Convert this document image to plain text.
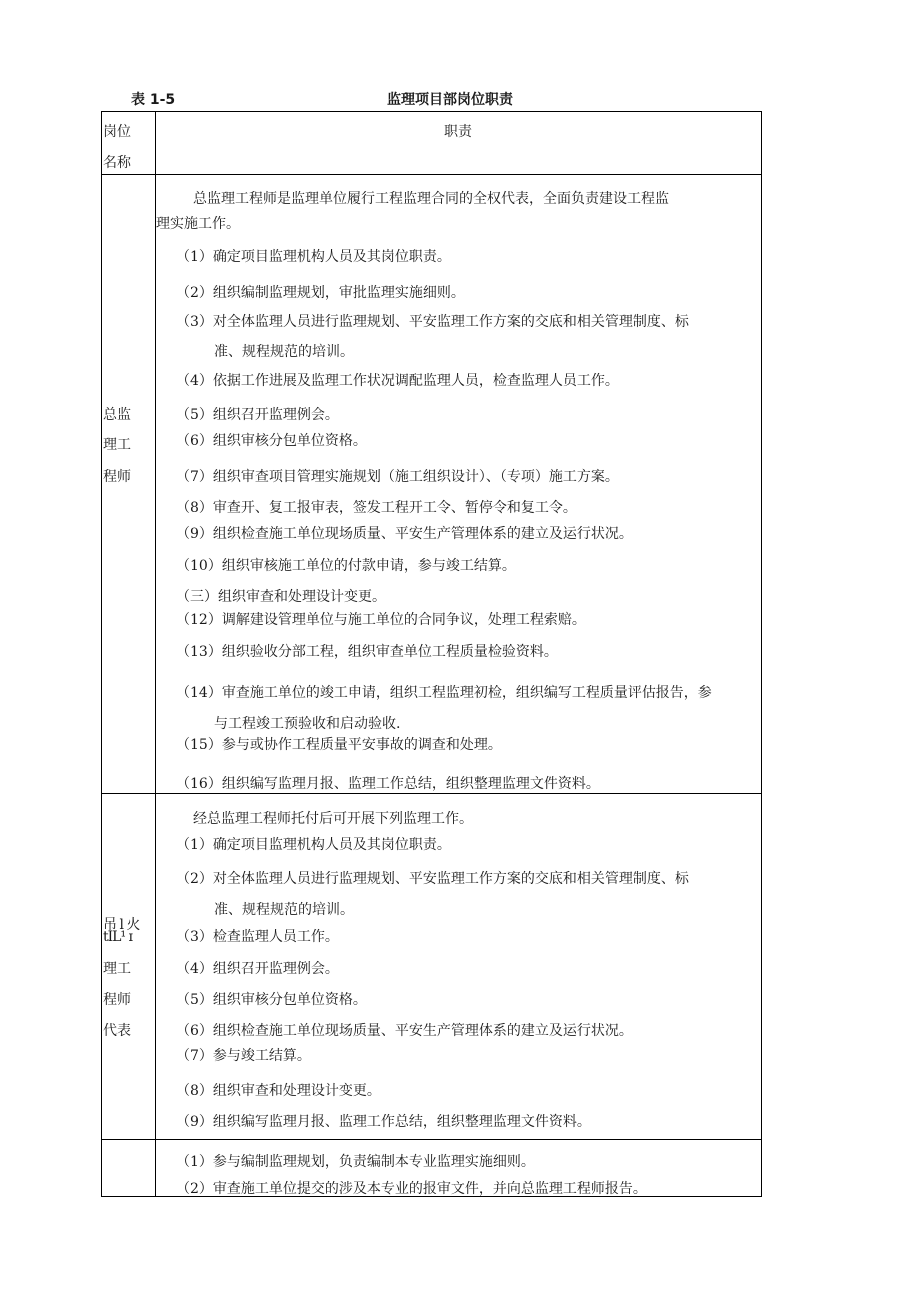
表 1-5	监理项目部岗位职责
岗位
名称
职责
总监
理工
程师
总监理工程师是监理单位履行工程监理合同的全权代表，全面负责建设工程监
理实施工作。
（1）确定项目监理机构人员及其岗位职责。
（2）组织编制监理规划，审批监理实施细则。
（3）对全体监理人员进行监理规划、平安监理工作方案的交底和相关管理制度、标
准、规程规范的培训。
（4）依据工作进展及监理工作状况调配监理人员，检查监理人员工作。
（5）组织召开监理例会。
（6）组织审核分包单位资格。
（7）组织审查项目管理实施规划（施工组织设计）、（专项）施工方案。
（8）审查开、复工报审表，签发工程开工令、暂停令和复工令。
（9）组织检查施工单位现场质量、平安生产管理体系的建立及运行状况。
（10）组织审核施工单位的付款申请，参与竣工结算。
（三）组织审查和处理设计变更。
（12）调解建设管理单位与施工单位的合同争议，处理工程索赔。
（13）组织验收分部工程，组织审查单位工程质量检验资料。
（14）审查施工单位的竣工申请，组织工程监理初检，组织编写工程质量评估报告，参
与工程竣工预验收和启动验收.
（15）参与或协作工程质量平安事故的调查和处理。
（16）组织编写监理月报、监理工作总结，组织整理监理文件资料。
吊 l 火
tIL¹ ɪ
理工
程师
代表
经总监理工程师托付后可开展下列监理工作。
（1）确定项目监理机构人员及其岗位职责。
（2）对全体监理人员进行监理规划、平安监理工作方案的交底和相关管理制度、标
准、规程规范的培训。
（3）检查监理人员工作。
（4）组织召开监理例会。
（5）组织审核分包单位资格。
（6）组织检查施工单位现场质量、平安生产管理体系的建立及运行状况。
（7）参与竣工结算。
（8）组织审查和处理设计变更。
（9）组织编写监理月报、监理工作总结，组织整理监理文件资料。
（1）参与编制监理规划，负责编制本专业监理实施细则。
（2）审查施工单位提交的涉及本专业的报审文件，并向总监理工程师报告。
